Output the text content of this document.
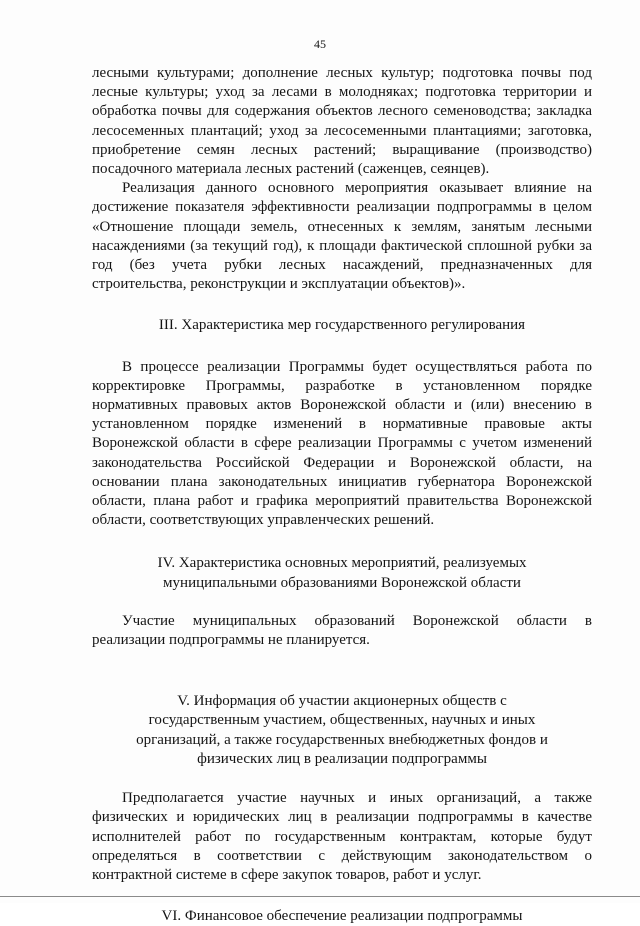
45

лесными культурами; дополнение лесных культур; подготовка почвы под лесные культуры; уход за лесами в молодняках; подготовка территории и обработка почвы для содержания объектов лесного семеноводства; закладка лесосеменных плантаций; уход за лесосеменными плантациями; заготовка, приобретение семян лесных растений; выращивание (производство) посадочного материала лесных растений (саженцев, сеянцев).

Реализация данного основного мероприятия оказывает влияние на достижение показателя эффективности реализации подпрограммы в целом «Отношение площади земель, отнесенных к землям, занятым лесными насаждениями (за текущий год), к площади фактической сплошной рубки за год (без учета рубки лесных насаждений, предназначенных для строительства, реконструкции и эксплуатации объектов)».

III. Характеристика мер государственного регулирования

В процессе реализации Программы будет осуществляться работа по корректировке Программы, разработке в установленном порядке нормативных правовых актов Воронежской области и (или) внесению в установленном порядке изменений в нормативные правовые акты Воронежской области в сфере реализации Программы с учетом изменений законодательства Российской Федерации и Воронежской области, на основании плана законодательных инициатив губернатора Воронежской области, плана работ и графика мероприятий правительства Воронежской области, соответствующих управленческих решений.

IV. Характеристика основных мероприятий, реализуемых
муниципальными образованиями Воронежской области

Участие муниципальных образований Воронежской области в реализации подпрограммы не планируется.

V. Информация об участии акционерных обществ с
государственным участием, общественных, научных и иных
организаций, а также государственных внебюджетных фондов и
физических лиц в реализации подпрограммы

Предполагается участие научных и иных организаций, а также физических и юридических лиц в реализации подпрограммы в качестве исполнителей работ по государственным контрактам, которые будут определяться в соответствии с действующим законодательством о контрактной системе в сфере закупок товаров, работ и услуг.

VI. Финансовое обеспечение реализации подпрограммы
